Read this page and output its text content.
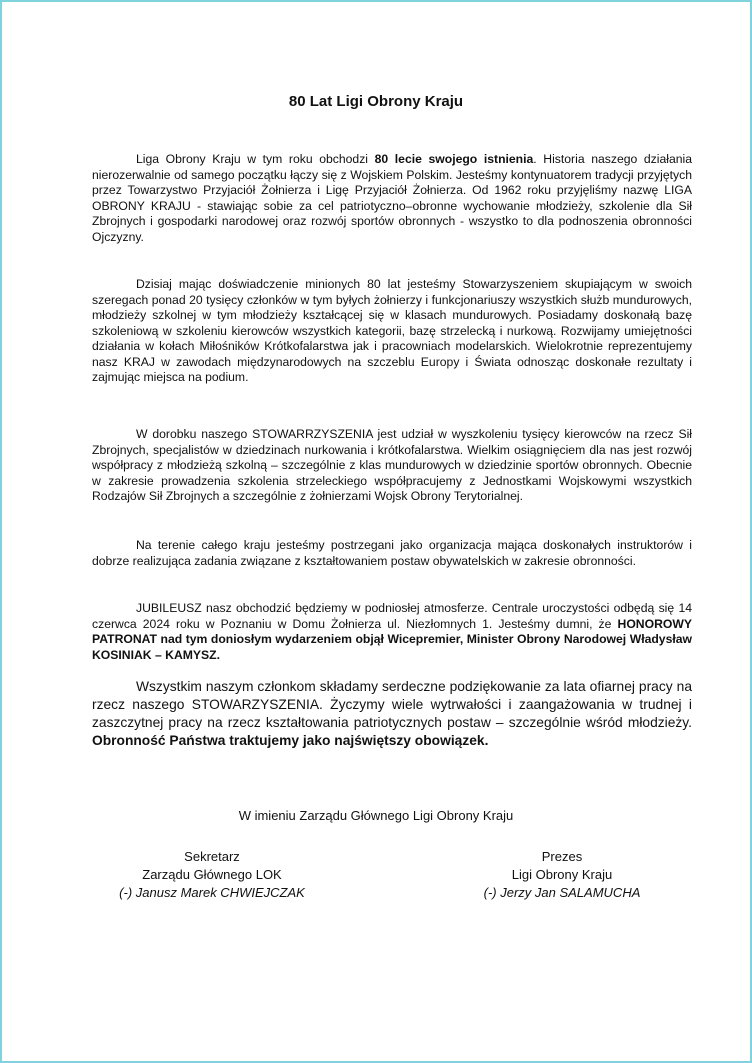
80 Lat Ligi Obrony Kraju

Liga Obrony Kraju w tym roku obchodzi 80 lecie swojego istnienia. Historia naszego działania nierozerwalnie od samego początku łączy się z Wojskiem Polskim. Jesteśmy kontynuatorem tradycji przyjętych przez Towarzystwo Przyjaciół Żołnierza i Ligę Przyjaciół Żołnierza. Od 1962 roku przyjęliśmy nazwę LIGA OBRONY KRAJU - stawiając sobie za cel patriotyczno–obronne wychowanie młodzieży, szkolenie dla Sił Zbrojnych i gospodarki narodowej oraz rozwój sportów obronnych - wszystko to dla podnoszenia obronności Ojczyzny.

Dzisiaj mając doświadczenie minionych 80 lat jesteśmy Stowarzyszeniem skupiającym w swoich szeregach ponad 20 tysięcy członków w tym byłych żołnierzy i funkcjonariuszy wszystkich służb mundurowych, młodzieży szkolnej w tym młodzieży kształcącej się w klasach mundurowych. Posiadamy doskonałą bazę szkoleniową w szkoleniu kierowców wszystkich kategorii, bazę strzelecką i nurkową. Rozwijamy umiejętności działania w kołach Miłośników Krótkofalarstwa jak i pracowniach modelarskich. Wielokrotnie reprezentujemy nasz KRAJ w zawodach międzynarodowych na szczeblu Europy i Świata odnosząc doskonałe rezultaty i zajmując miejsca na podium.

W dorobku naszego STOWARRZYSZENIA jest udział w wyszkoleniu tysięcy kierowców na rzecz Sił Zbrojnych, specjalistów w dziedzinach nurkowania i krótkofalarstwa. Wielkim osiągnięciem dla nas jest rozwój współpracy z młodzieżą szkolną – szczególnie z klas mundurowych w dziedzinie sportów obronnych. Obecnie w zakresie prowadzenia szkolenia strzeleckiego współpracujemy z Jednostkami Wojskowymi wszystkich Rodzajów Sił Zbrojnych a szczególnie z żołnierzami Wojsk Obrony Terytorialnej.

Na terenie całego kraju jesteśmy postrzegani jako organizacja mająca doskonałych instruktorów i dobrze realizująca zadania związane z kształtowaniem postaw obywatelskich w zakresie obronności.

JUBILEUSZ nasz obchodzić będziemy w podniosłej atmosferze. Centrale uroczystości odbędą się 14 czerwca 2024 roku w Poznaniu w Domu Żołnierza ul. Niezłomnych 1. Jesteśmy dumni, że HONOROWY PATRONAT nad tym doniosłym wydarzeniem objął Wicepremier, Minister Obrony Narodowej Władysław KOSINIAK – KAMYSZ.

Wszystkim naszym członkom składamy serdeczne podziękowanie za lata ofiarnej pracy na rzecz naszego STOWARZYSZENIA. Życzymy wiele wytrwałości i zaangażowania w trudnej i zaszczytnej pracy na rzecz kształtowania patriotycznych postaw – szczególnie wśród młodzieży. Obronność Państwa traktujemy jako najświętszy obowiązek.

W imieniu Zarządu Głównego Ligi Obrony Kraju
Sekretarz
Zarządu Głównego LOK
(-) Janusz Marek CHWIEJCZAK
Prezes
Ligi Obrony Kraju
(-) Jerzy Jan SALAMUCHA
